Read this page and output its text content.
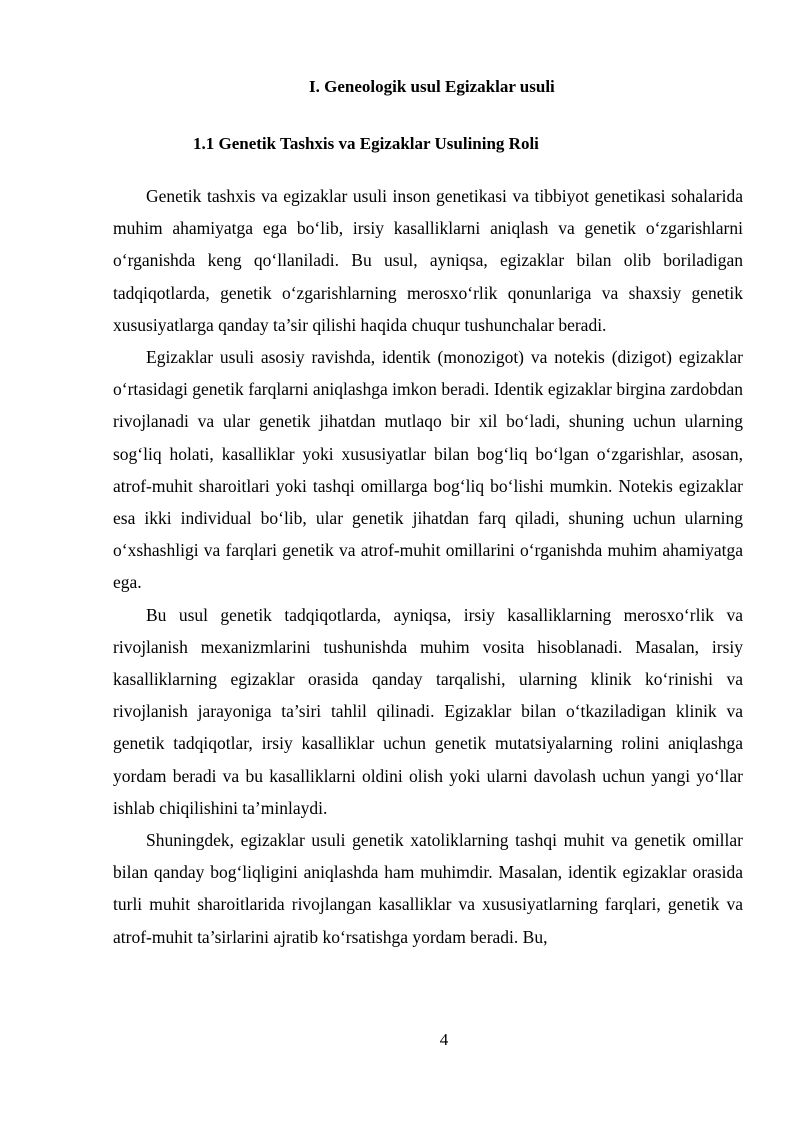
I. Geneologik usul Egizaklar usuli
1.1 Genetik Tashxis va Egizaklar Usulining Roli

Genetik tashxis va egizaklar usuli inson genetikasi va tibbiyot genetikasi sohalarida muhim ahamiyatga ega bo‘lib, irsiy kasalliklarni aniqlash va genetik o‘zgarishlarni o‘rganishda keng qo‘llaniladi. Bu usul, ayniqsa, egizaklar bilan olib boriladigan tadqiqotlarda, genetik o‘zgarishlarning merosxo‘rlik qonunlariga va shaxsiy genetik xususiyatlarga qanday ta’sir qilishi haqida chuqur tushunchalar beradi.

Egizaklar usuli asosiy ravishda, identik (monozigot) va notekis (dizigot) egizaklar o‘rtasidagi genetik farqlarni aniqlashga imkon beradi. Identik egizaklar birgina zardobdan rivojlanadi va ular genetik jihatdan mutlaqo bir xil bo‘ladi, shuning uchun ularning sog‘liq holati, kasalliklar yoki xususiyatlar bilan bog‘liq bo‘lgan o‘zgarishlar, asosan, atrof-muhit sharoitlari yoki tashqi omillarga bog‘liq bo‘lishi mumkin. Notekis egizaklar esa ikki individual bo‘lib, ular genetik jihatdan farq qiladi, shuning uchun ularning o‘xshashligi va farqlari genetik va atrof-muhit omillarini o‘rganishda muhim ahamiyatga ega.

Bu usul genetik tadqiqotlarda, ayniqsa, irsiy kasalliklarning merosxo‘rlik va rivojlanish mexanizmlarini tushunishda muhim vosita hisoblanadi. Masalan, irsiy kasalliklarning egizaklar orasida qanday tarqalishi, ularning klinik ko‘rinishi va rivojlanish jarayoniga ta’siri tahlil qilinadi. Egizaklar bilan o‘tkaziladigan klinik va genetik tadqiqotlar, irsiy kasalliklar uchun genetik mutatsiyalarning rolini aniqlashga yordam beradi va bu kasalliklarni oldini olish yoki ularni davolash uchun yangi yo‘llar ishlab chiqilishini ta’minlaydi.

Shuningdek, egizaklar usuli genetik xatoliklarning tashqi muhit va genetik omillar bilan qanday bog‘liqligini aniqlashda ham muhimdir. Masalan, identik egizaklar orasida turli muhit sharoitlarida rivojlangan kasalliklar va xususiyatlarning farqlari, genetik va atrof-muhit ta’sirlarini ajratib ko‘rsatishga yordam beradi. Bu,

4
